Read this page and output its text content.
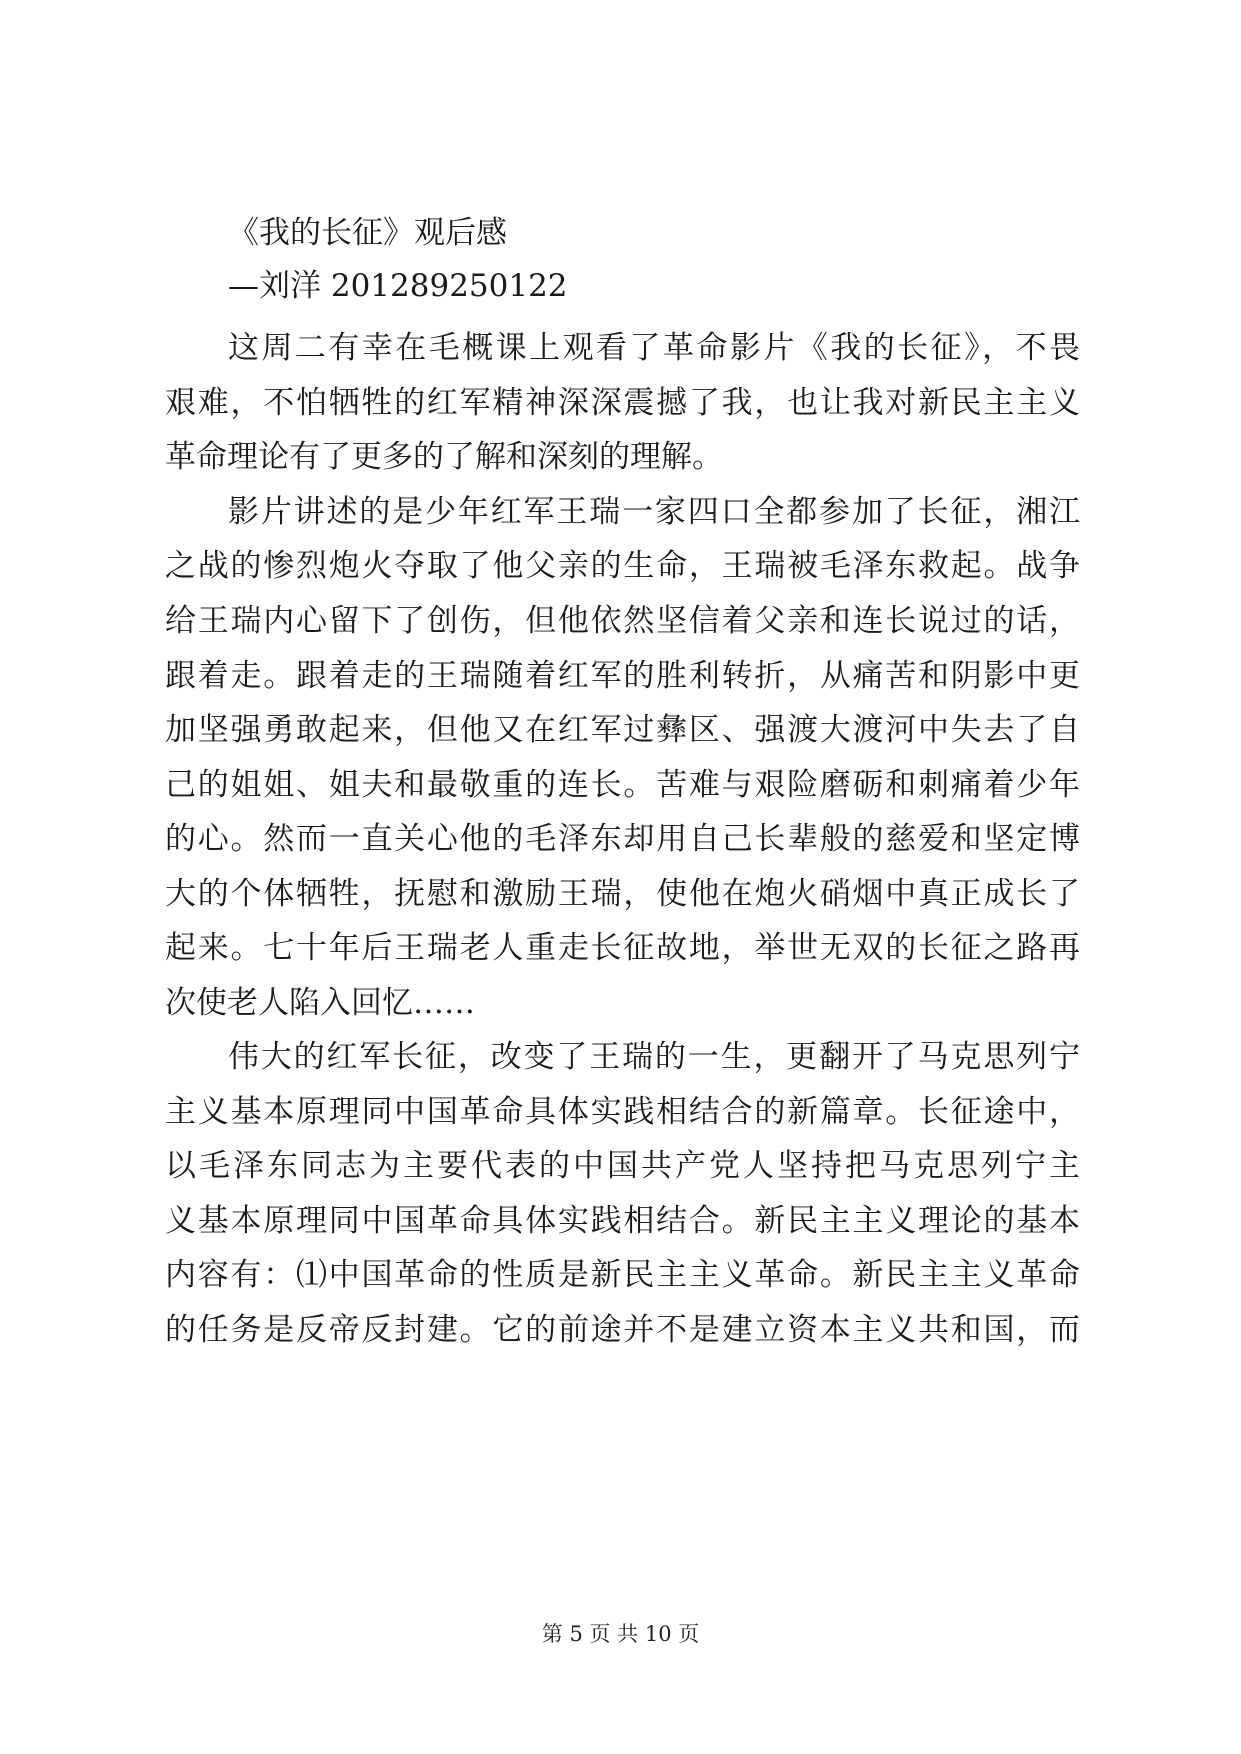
《我的长征》观后感
—刘洋 201289250122
这周二有幸在毛概课上观看了革命影片《我的长征》，不畏
艰难，不怕牺牲的红军精神深深震撼了我，也让我对新民主主义
革命理论有了更多的了解和深刻的理解。
影片讲述的是少年红军王瑞一家四口全都参加了长征，湘江
之战的惨烈炮火夺取了他父亲的生命，王瑞被毛泽东救起。战争
给王瑞内心留下了创伤，但他依然坚信着父亲和连长说过的话，
跟着走。跟着走的王瑞随着红军的胜利转折，从痛苦和阴影中更
加坚强勇敢起来，但他又在红军过彝区、强渡大渡河中失去了自
己的姐姐、姐夫和最敬重的连长。苦难与艰险磨砺和刺痛着少年
的心。然而一直关心他的毛泽东却用自己长辈般的慈爱和坚定博
大的个体牺牲，抚慰和激励王瑞，使他在炮火硝烟中真正成长了
起来。七十年后王瑞老人重走长征故地，举世无双的长征之路再
次使老人陷入回忆……
伟大的红军长征，改变了王瑞的一生，更翻开了马克思列宁
主义基本原理同中国革命具体实践相结合的新篇章。长征途中，
以毛泽东同志为主要代表的中国共产党人坚持把马克思列宁主
义基本原理同中国革命具体实践相结合。新民主主义理论的基本
内容有：⑴中国革命的性质是新民主主义革命。新民主主义革命
的任务是反帝反封建。它的前途并不是建立资本主义共和国，而
第 5 页 共 10 页
